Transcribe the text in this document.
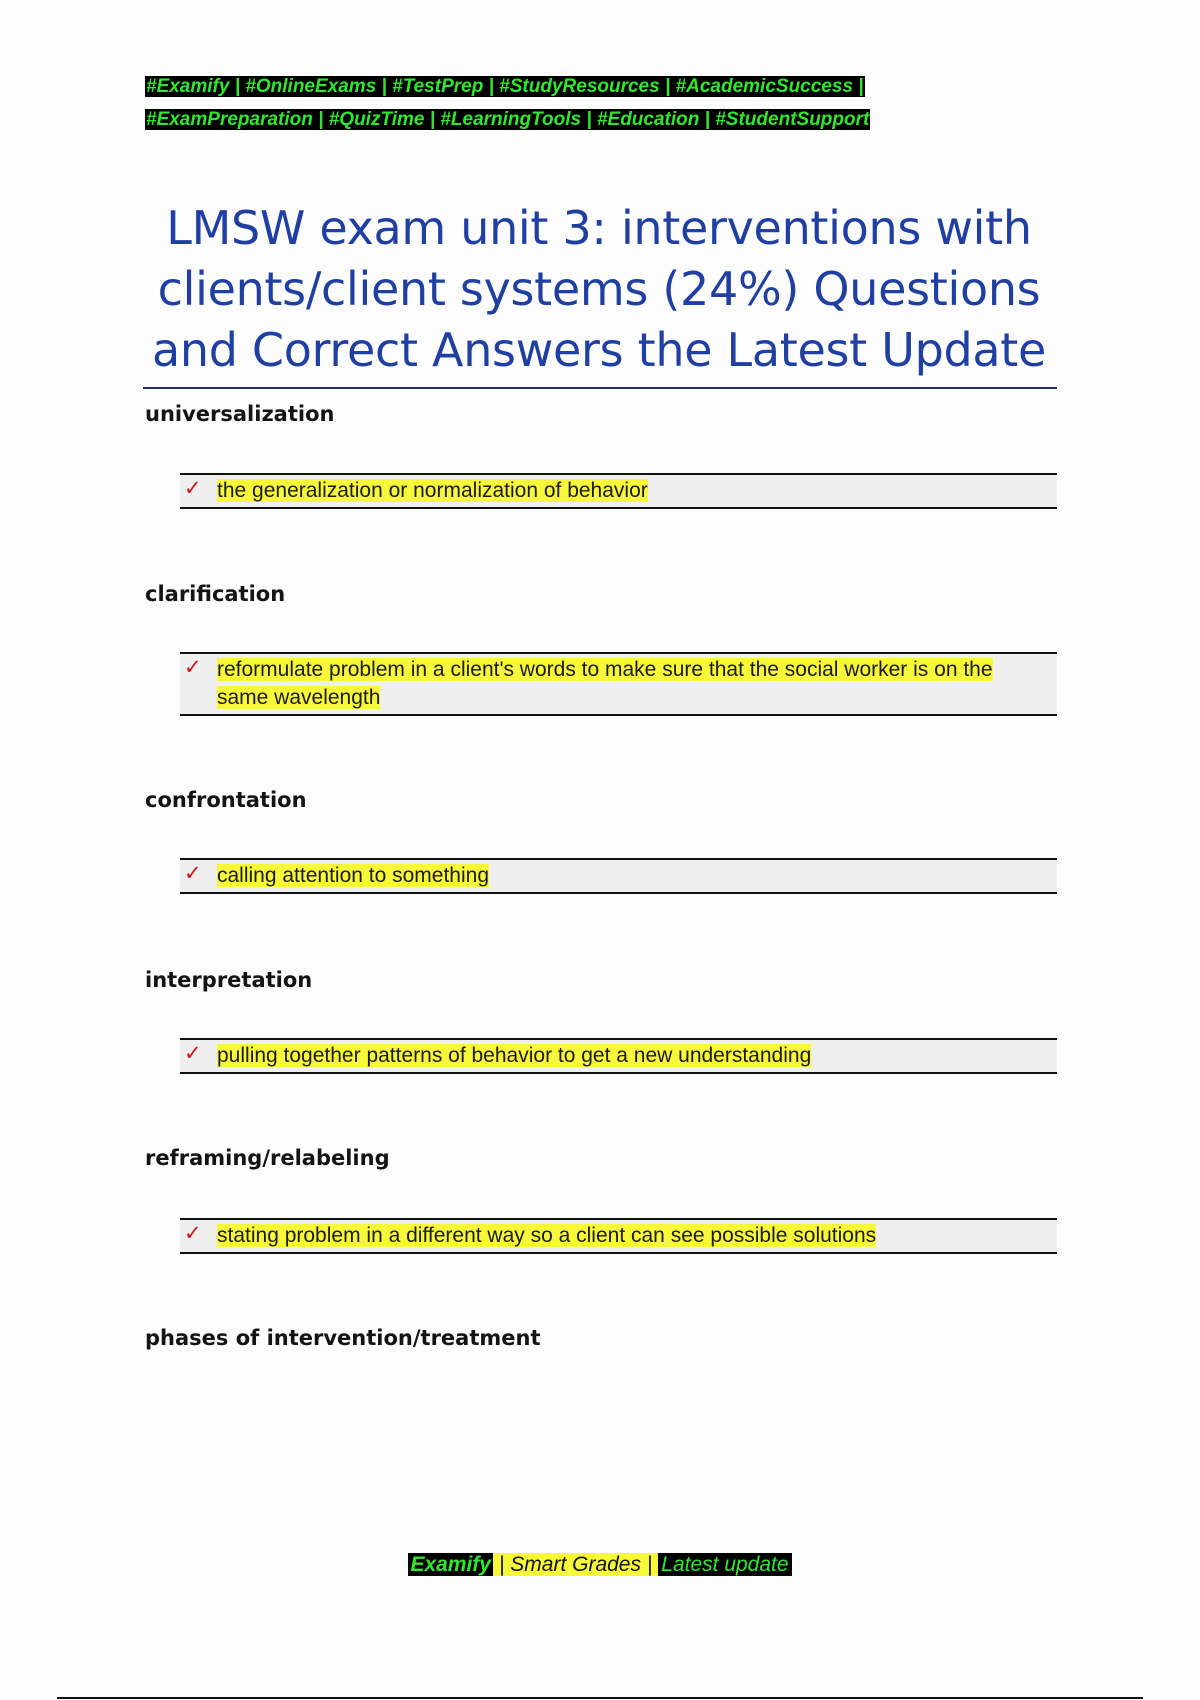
#Examify | #OnlineExams | #TestPrep | #StudyResources | #AcademicSuccess |
#ExamPreparation | #QuizTime | #LearningTools | #Education | #StudentSupport
LMSW exam unit 3: interventions with clients/client systems (24%) Questions and Correct Answers the Latest Update
universalization
✓ the generalization or normalization of behavior
clarification
✓ reformulate problem in a client's words to make sure that the social worker is on the same wavelength
confrontation
✓ calling attention to something
interpretation
✓ pulling together patterns of behavior to get a new understanding
reframing/relabeling
✓ stating problem in a different way so a client can see possible solutions
phases of intervention/treatment
Examify | Smart Grades | Latest update
